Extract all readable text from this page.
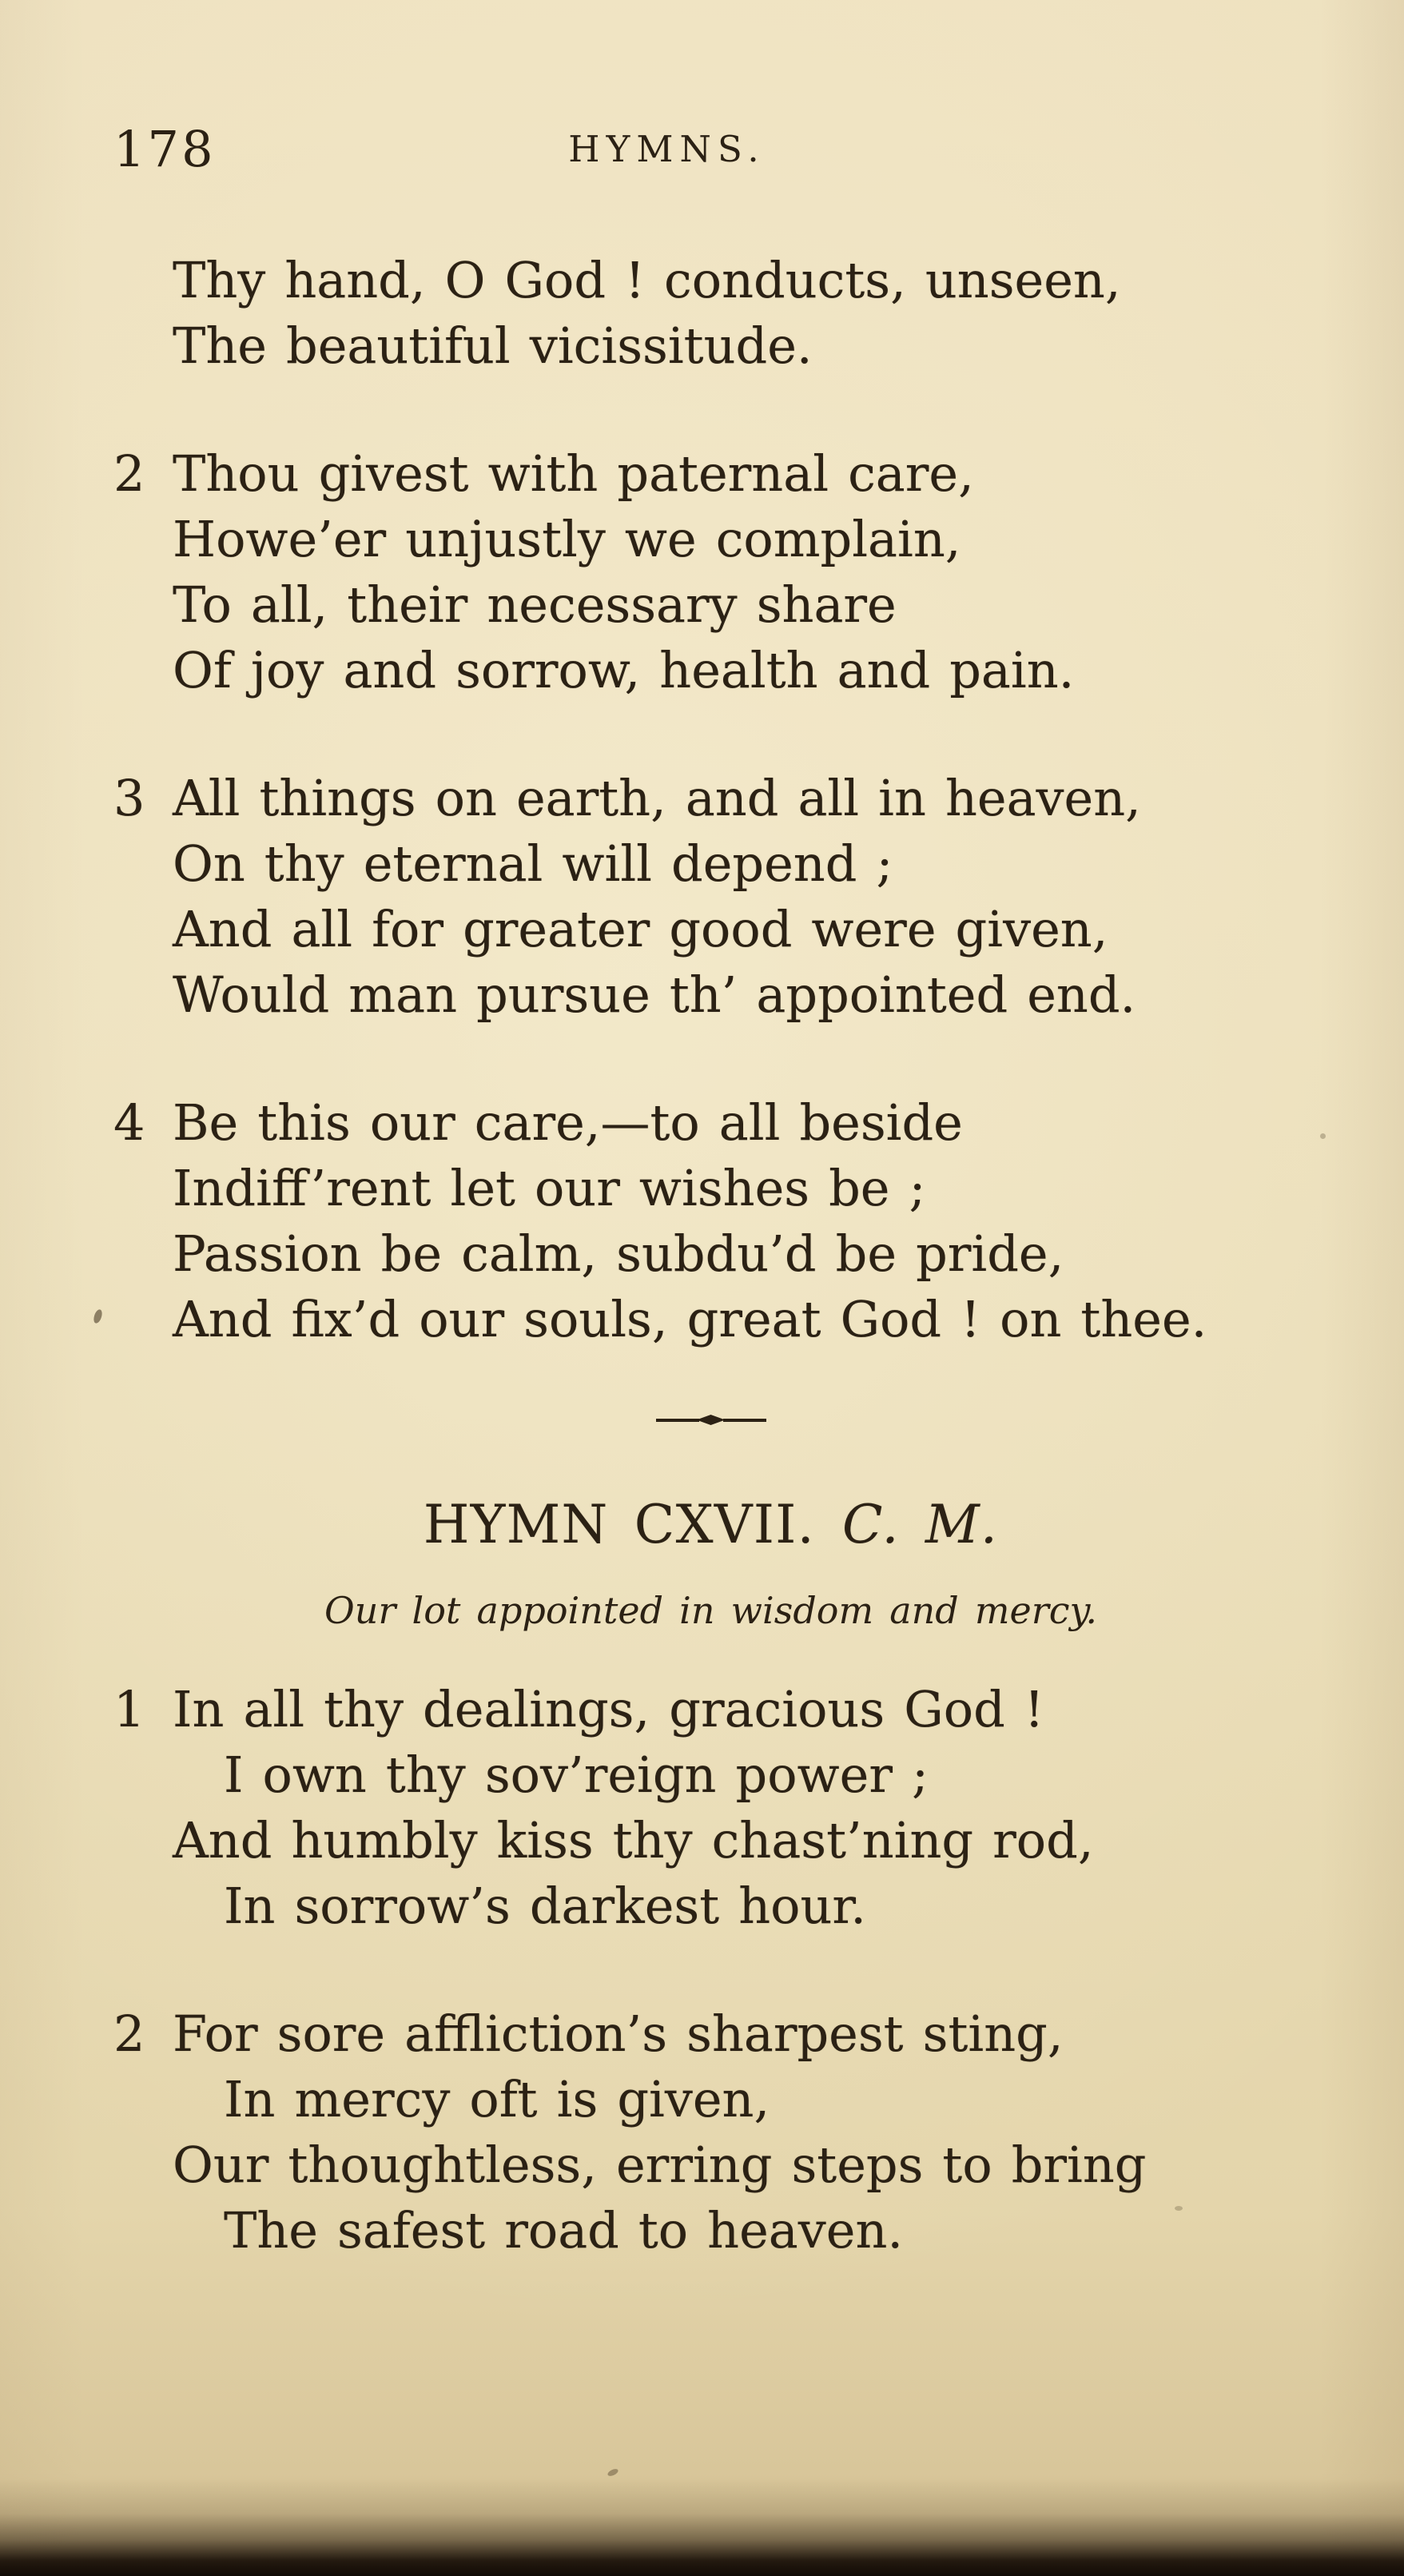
178	HYMNS.
Thy hand, O God ! conducts, unseen,
The beautiful vicissitude.
2 Thou givest with paternal care,
Howe’er unjustly we complain,
To all, their necessary share
Of joy and sorrow, health and pain.
3 All things on earth, and all in heaven,
On thy eternal will depend ;
And all for greater good were given,
Would man pursue th’ appointed end.
4 Be this our care,—to all beside
Indiff’rent let our wishes be ;
Passion be calm, subdu’d be pride,
And fix’d our souls, great God ! on thee.
HYMN CXVII. C. M.
Our lot appointed in wisdom and mercy.
1 In all thy dealings, gracious God !
I own thy sov’reign power ;
And humbly kiss thy chast’ning rod,
In sorrow’s darkest hour.
2 For sore affliction’s sharpest sting,
In mercy oft is given,
Our thoughtless, erring steps to bring
The safest road to heaven.
